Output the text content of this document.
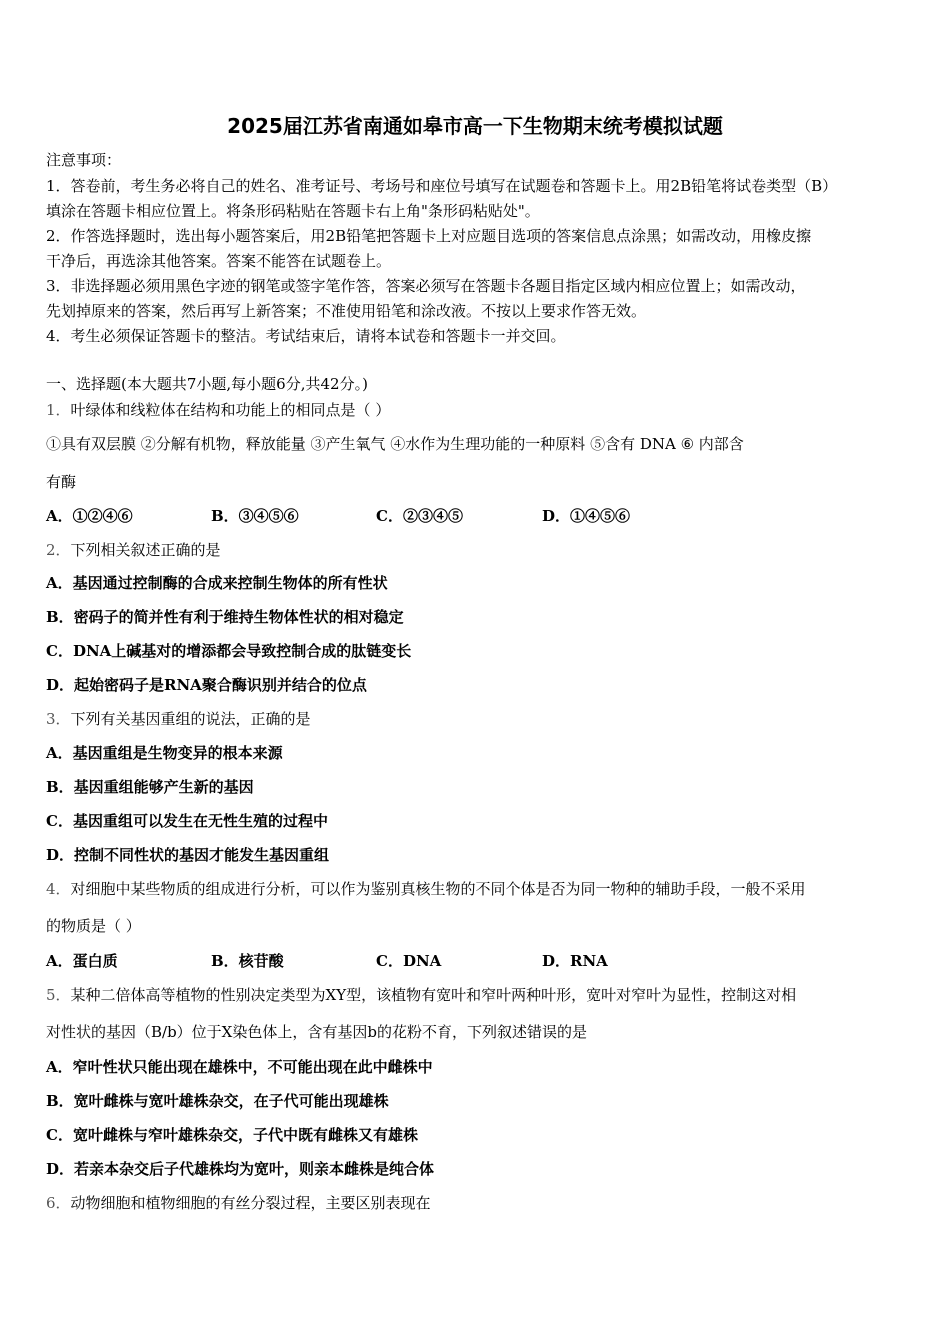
2025届江苏省南通如皋市高一下生物期末统考模拟试题
注意事项：
1．答卷前，考生务必将自己的姓名、准考证号、考场号和座位号填写在试题卷和答题卡上。用2B铅笔将试卷类型（B）
填涂在答题卡相应位置上。将条形码粘贴在答题卡右上角"条形码粘贴处"。
2．作答选择题时，选出每小题答案后，用2B铅笔把答题卡上对应题目选项的答案信息点涂黑；如需改动，用橡皮擦
干净后，再选涂其他答案。答案不能答在试题卷上。
3．非选择题必须用黑色字迹的钢笔或签字笔作答，答案必须写在答题卡各题目指定区域内相应位置上；如需改动，
先划掉原来的答案，然后再写上新答案；不准使用铅笔和涂改液。不按以上要求作答无效。
4．考生必须保证答题卡的整洁。考试结束后，请将本试卷和答题卡一并交回。
一、选择题(本大题共7小题,每小题6分,共42分。)
1．叶绿体和线粒体在结构和功能上的相同点是（ ）
①具有双层膜 ②分解有机物，释放能量 ③产生氧气 ④水作为生理功能的一种原料 ⑤含有 DNA ⑥ 内部含
有酶
A．①②④⑥	B．③④⑤⑥	C．②③④⑤	D．①④⑤⑥
2．下列相关叙述正确的是
A．基因通过控制酶的合成来控制生物体的所有性状
B．密码子的简并性有利于维持生物体性状的相对稳定
C．DNA上碱基对的增添都会导致控制合成的肽链变长
D．起始密码子是RNA聚合酶识别并结合的位点
3．下列有关基因重组的说法，正确的是
A．基因重组是生物变异的根本来源
B．基因重组能够产生新的基因
C．基因重组可以发生在无性生殖的过程中
D．控制不同性状的基因才能发生基因重组
4．对细胞中某些物质的组成进行分析，可以作为鉴别真核生物的不同个体是否为同一物种的辅助手段，一般不采用
的物质是（ ）
A．蛋白质	B．核苷酸	C．DNA	D．RNA
5．某种二倍体高等植物的性别决定类型为XY型，该植物有宽叶和窄叶两种叶形，宽叶对窄叶为显性，控制这对相
对性状的基因（B/b）位于X染色体上，含有基因b的花粉不育，下列叙述错误的是
A．窄叶性状只能出现在雄株中，不可能出现在此中雌株中
B．宽叶雌株与宽叶雄株杂交，在子代可能出现雄株
C．宽叶雌株与窄叶雄株杂交，子代中既有雌株又有雄株
D．若亲本杂交后子代雄株均为宽叶，则亲本雌株是纯合体
6．动物细胞和植物细胞的有丝分裂过程，主要区别表现在
